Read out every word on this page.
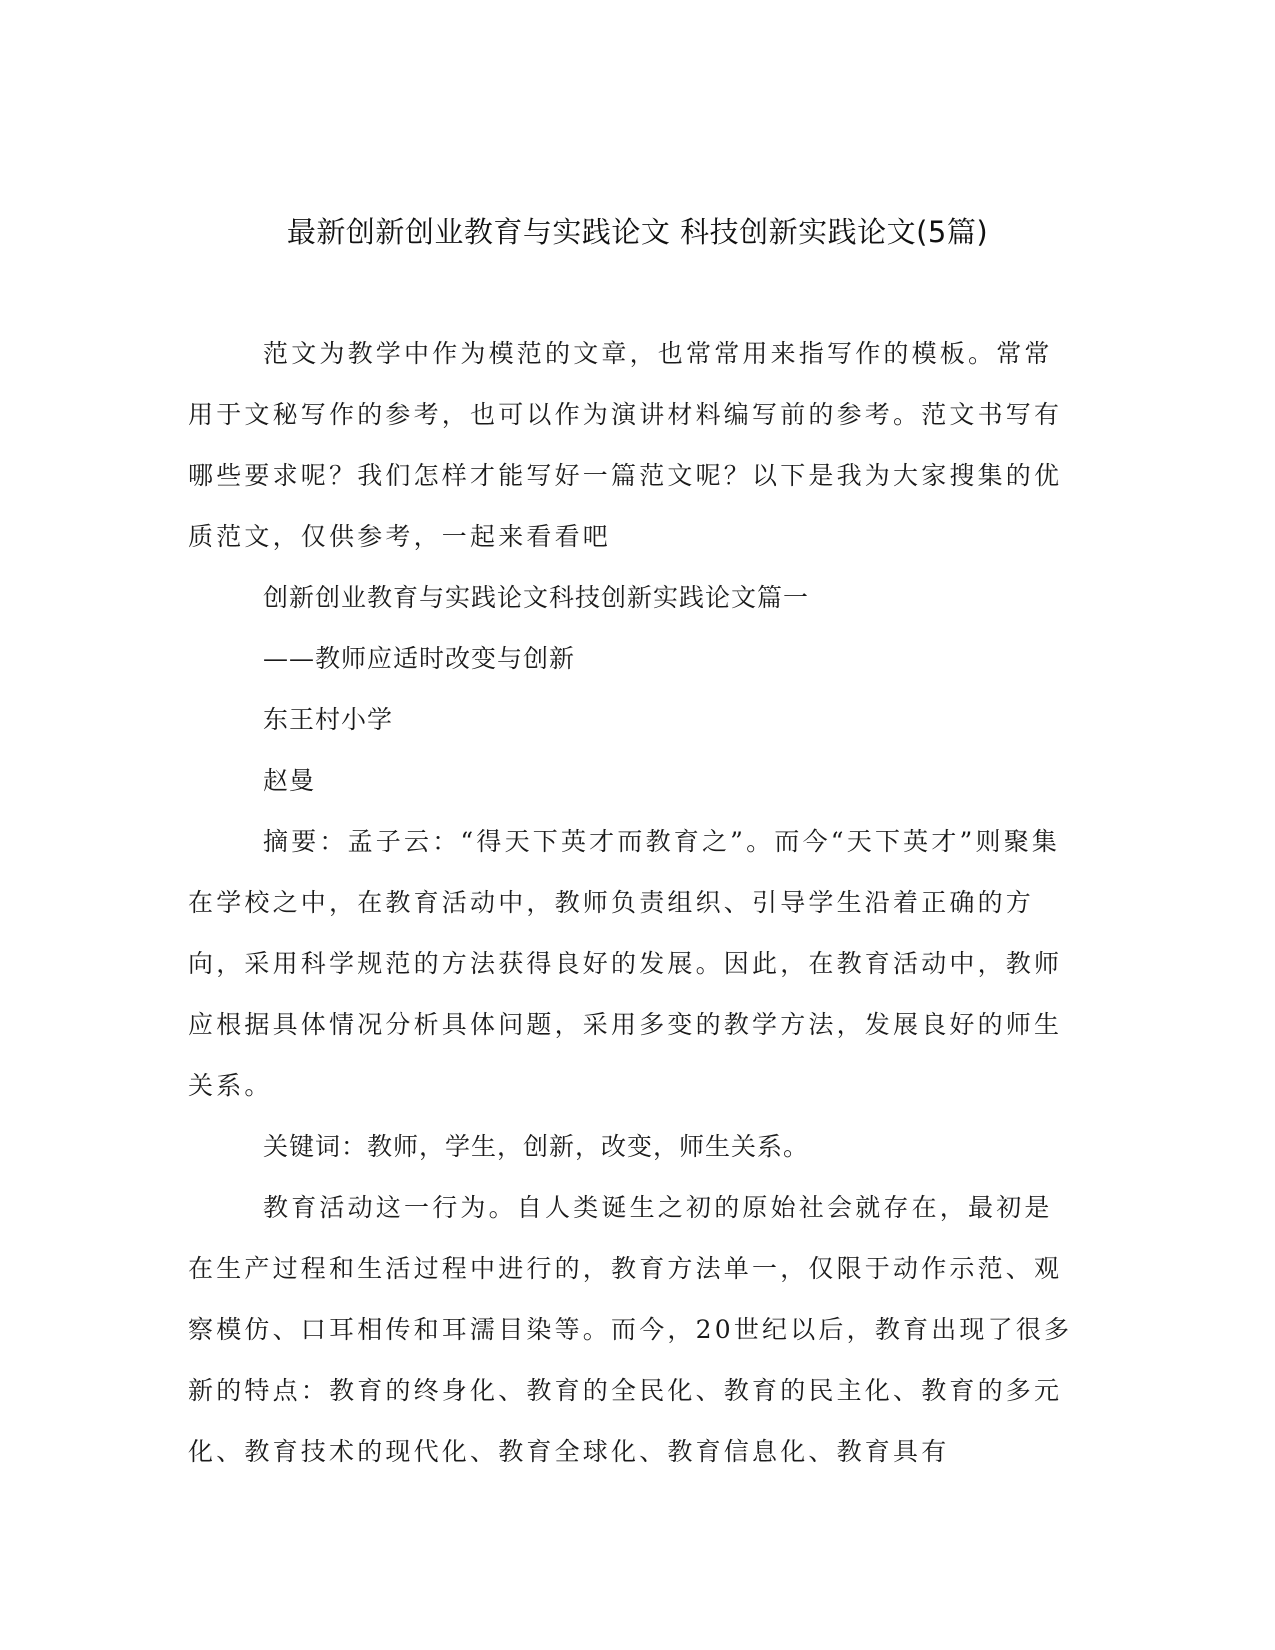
最新创新创业教育与实践论文 科技创新实践论文(5篇)

范文为教学中作为模范的文章，也常常用来指写作的模板。常常用于文秘写作的参考，也可以作为演讲材料编写前的参考。范文书写有哪些要求呢？我们怎样才能写好一篇范文呢？以下是我为大家搜集的优质范文，仅供参考，一起来看看吧

创新创业教育与实践论文科技创新实践论文篇一

——教师应适时改变与创新

东王村小学

赵曼

摘要：孟子云：“得天下英才而教育之”。而今“天下英才”则聚集在学校之中，在教育活动中，教师负责组织、引导学生沿着正确的方向，采用科学规范的方法获得良好的发展。因此，在教育活动中，教师应根据具体情况分析具体问题，采用多变的教学方法，发展良好的师生关系。

关键词：教师，学生，创新，改变，师生关系。

教育活动这一行为。自人类诞生之初的原始社会就存在，最初是在生产过程和生活过程中进行的，教育方法单一，仅限于动作示范、观察模仿、口耳相传和耳濡目染等。而今，20世纪以后，教育出现了很多新的特点：教育的终身化、教育的全民化、教育的民主化、教育的多元化、教育技术的现代化、教育全球化、教育信息化、教育具有
